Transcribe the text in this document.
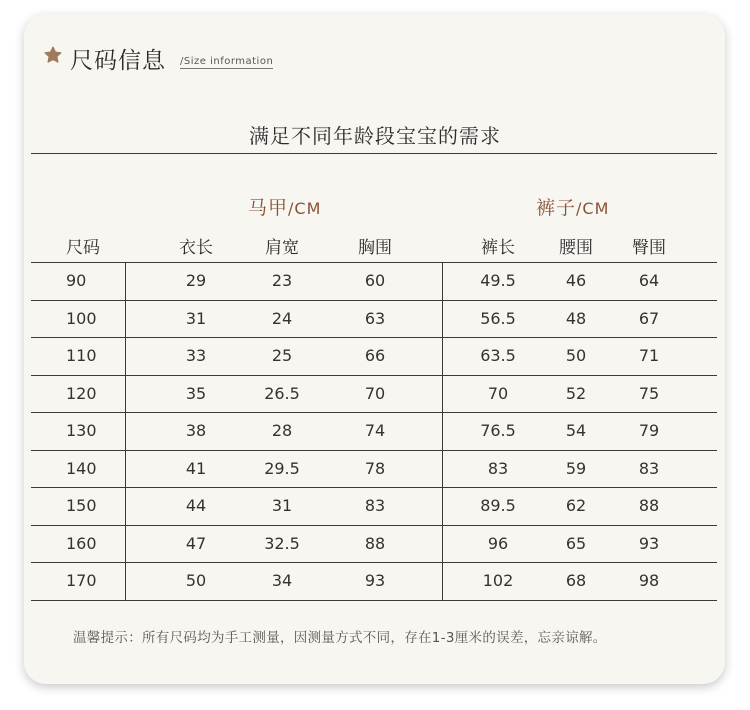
尺码信息 /Size information
满足不同年龄段宝宝的需求
马甲/CM	裤子/CM
尺码	衣长	肩宽	胸围	裤长	腰围	臀围
90	29	23	60	49.5	46	64
100	31	24	63	56.5	48	67
110	33	25	66	63.5	50	71
120	35	26.5	70	70	52	75
130	38	28	74	76.5	54	79
140	41	29.5	78	83	59	83
150	44	31	83	89.5	62	88
160	47	32.5	88	96	65	93
170	50	34	93	102	68	98
温馨提示：所有尺码均为手工测量，因测量方式不同，存在1-3厘米的误差，忘亲谅解。
